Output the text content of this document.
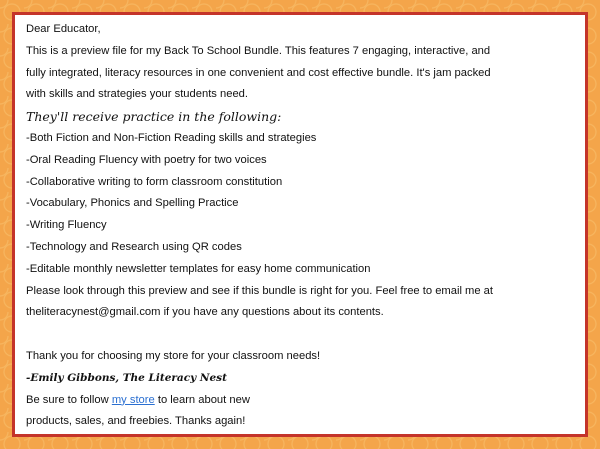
Dear Educator,
This is a preview file for my Back To School Bundle. This features 7 engaging, interactive, and
fully integrated, literacy resources in one convenient and cost effective bundle. It's jam packed
with skills and strategies your students need.
They'll receive practice in the following:
-Both Fiction and Non-Fiction Reading skills and strategies
-Oral Reading Fluency with poetry for two voices
-Collaborative writing to form classroom constitution
-Vocabulary, Phonics and Spelling Practice
-Writing Fluency
-Technology and Research using QR codes
-Editable monthly newsletter templates for easy home communication
Please look through this preview and see if this bundle is right for you. Feel free to email me at
theliteracynest@gmail.com if you have any questions about its contents.
Thank you for choosing my store for your classroom needs!
-Emily Gibbons, The Literacy Nest
Be sure to follow my store to learn about new
products, sales, and freebies. Thanks again!
